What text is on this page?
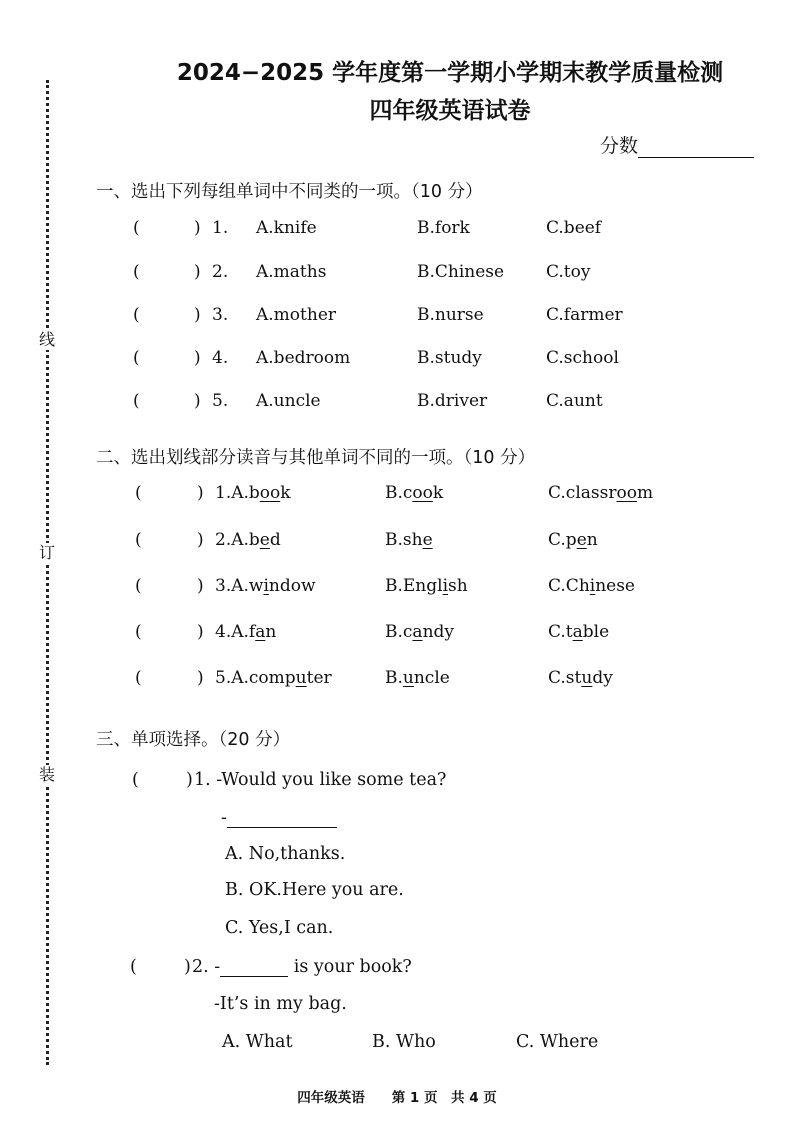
线
订
装
2024−2025 学年度第一学期小学期末教学质量检测
四年级英语试卷
分数
一、选出下列每组单词中不同类的一项。（10 分）
(	) 1. A.knife	B.fork	C.beef
(	) 2. A.maths	B.Chinese C.toy
(	) 3. A.mother	B.nurse	C.farmer
(	) 4. A.bedroom	B.study	C.school
(	) 5. A.uncle	B.driver	C.aunt
二、选出划线部分读音与其他单词不同的一项。（10 分）
(	) 1.A.book	B.cook	C.classroom
(	) 2.A.bed	B.she	C.pen
(	) 3.A.window	B.English	C.Chinese
(	) 4.A.fan	B.candy	C.table
(	) 5.A.computer	B.uncle	C.study
三、单项选择。（20 分）
(	) 1. -Would you like some tea?
-
A. No,thanks.
B. OK.Here you are.
C. Yes,I can.
(	) 2. -	is your book?
-It’s in my bag.
A. What	B. Who	C. Where
四年级英语　　第 1 页　共 4 页
